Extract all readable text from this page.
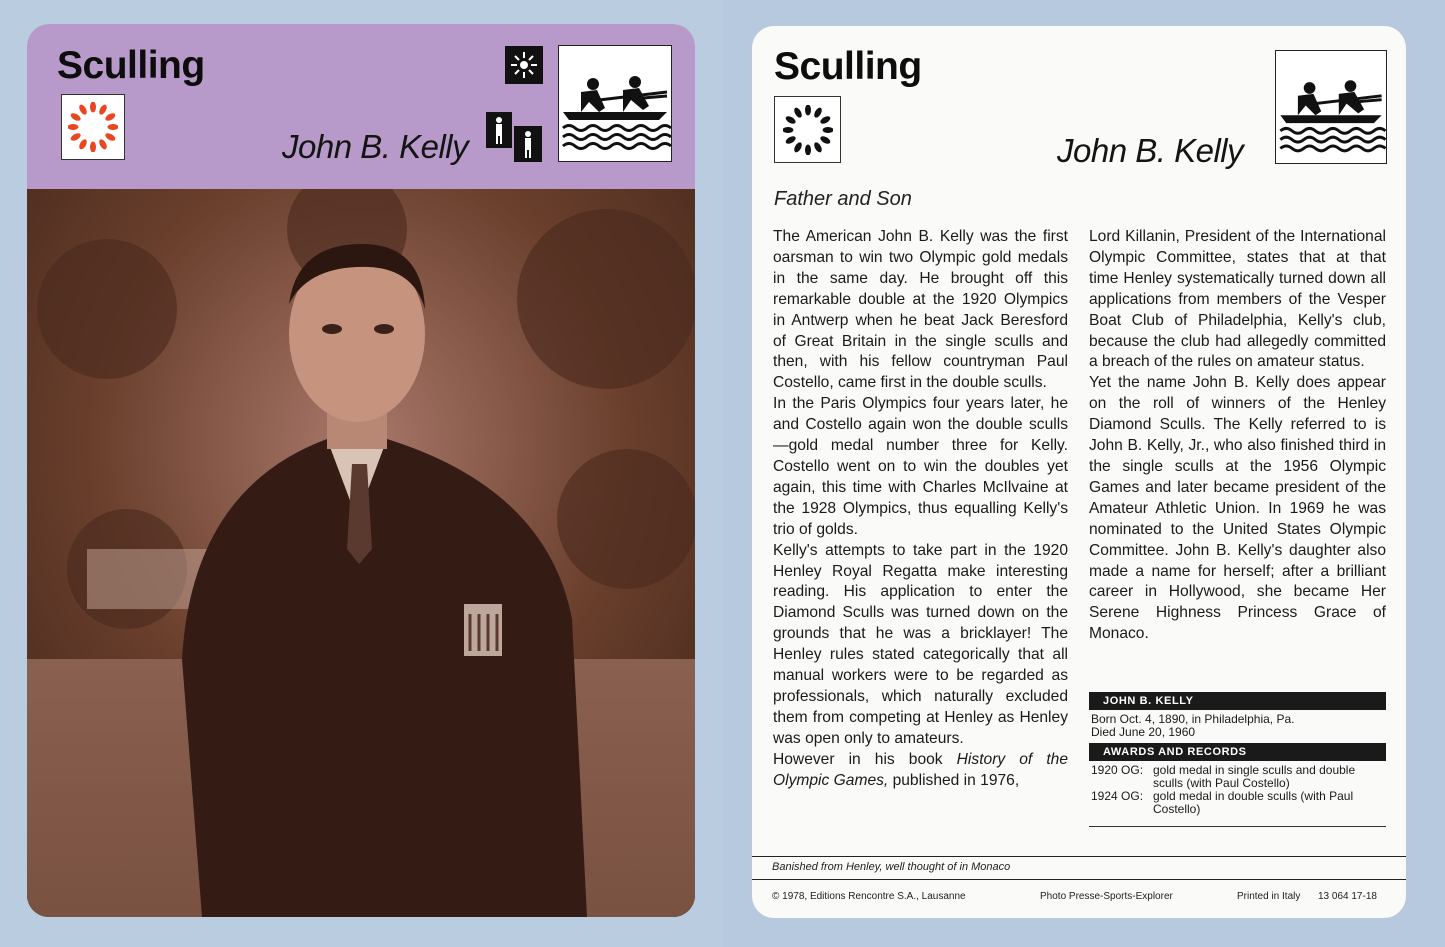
Sculling
John B. Kelly
Sculling
John B. Kelly
Father and Son

The American John B. Kelly was the first oarsman to win two Olympic gold medals in the same day. He brought off this remarkable double at the 1920 Olympics in Antwerp when he beat Jack Beresford of Great Britain in the single sculls and then, with his fellow countryman Paul Costello, came first in the double sculls.

In the Paris Olympics four years later, he and Costello again won the double sculls—gold medal number three for Kelly. Costello went on to win the doubles yet again, this time with Charles McIlvaine at the 1928 Olympics, thus equalling Kelly's trio of golds.

Kelly's attempts to take part in the 1920 Henley Royal Regatta make interesting reading. His application to enter the Diamond Sculls was turned down on the grounds that he was a bricklayer! The Henley rules stated categorically that all manual workers were to be regarded as professionals, which naturally excluded them from competing at Henley as Henley was open only to amateurs.

However in his book History of the Olympic Games, published in 1976,

Lord Killanin, President of the International Olympic Committee, states that at that time Henley systematically turned down all applications from members of the Vesper Boat Club of Philadelphia, Kelly's club, because the club had allegedly committed a breach of the rules on amateur status.

Yet the name John B. Kelly does appear on the roll of winners of the Henley Diamond Sculls. The Kelly referred to is John B. Kelly, Jr., who also finished third in the single sculls at the 1956 Olympic Games and later became president of the Amateur Athletic Union. In 1969 he was nominated to the United States Olympic Committee. John B. Kelly's daughter also made a name for herself; after a brilliant career in Hollywood, she became Her Serene Highness Princess Grace of Monaco.

JOHN B. KELLY
Born Oct. 4, 1890, in Philadelphia, Pa.
Died June 20, 1960
AWARDS AND RECORDS
1920 OG: gold medal in single sculls and double sculls (with Paul Costello)
1924 OG: gold medal in double sculls (with Paul Costello)
Banished from Henley, well thought of in Monaco
© 1978, Editions Rencontre S.A., Lausanne	Photo Presse-Sports-Explorer	Printed in Italy 13 064 17-18
